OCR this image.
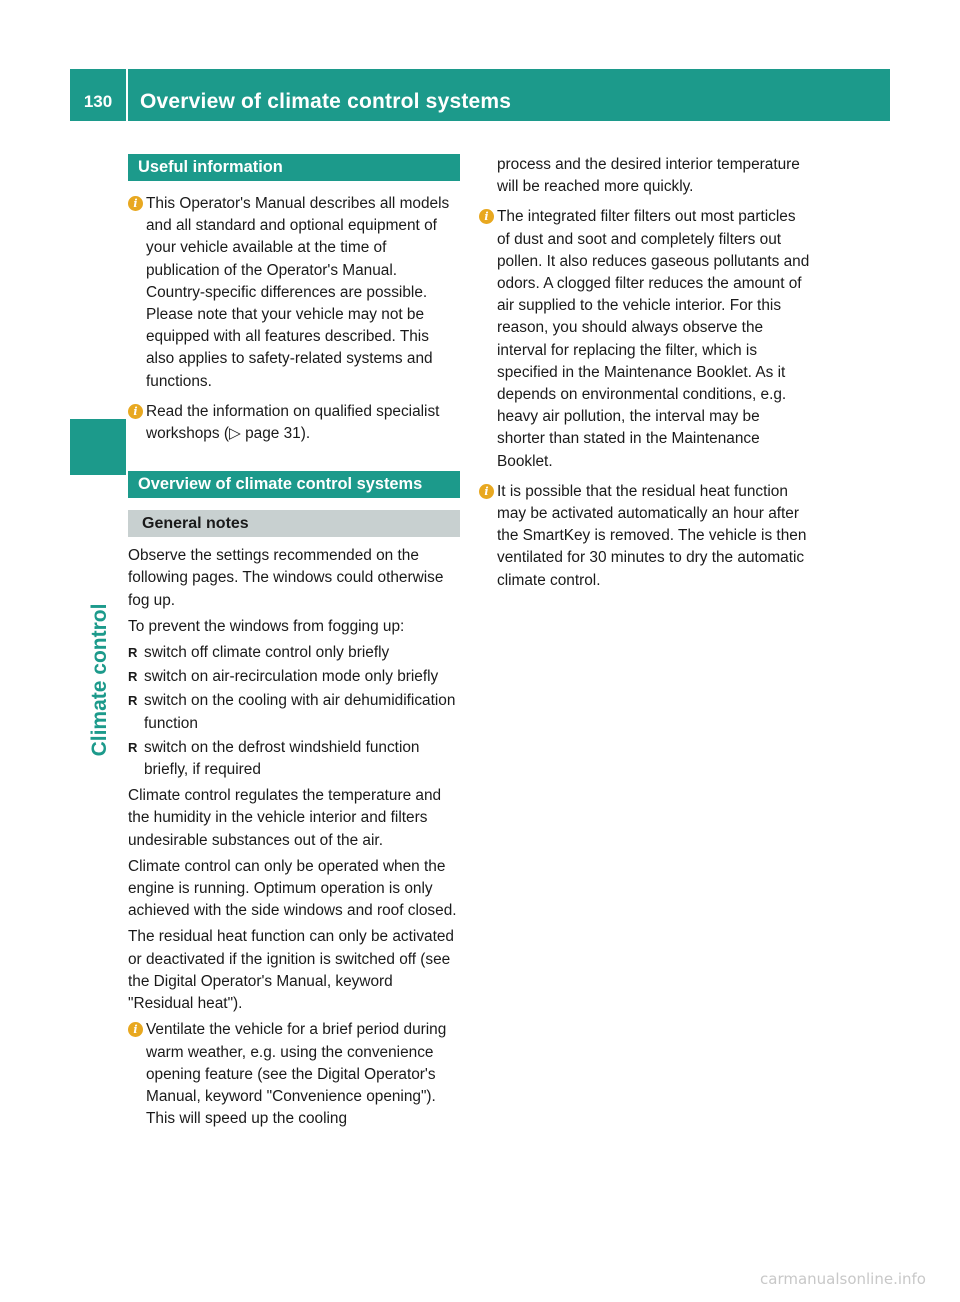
130	Overview of climate control systems
Climate control
Useful information
i This Operator's Manual describes all models and all standard and optional equipment of your vehicle available at the time of publication of the Operator's Manual. Country-specific differences are possible. Please note that your vehicle may not be equipped with all features described. This also applies to safety-related systems and functions.
i Read the information on qualified specialist workshops (▷ page 31).
Overview of climate control systems
General notes

Observe the settings recommended on the following pages. The windows could otherwise fog up.

To prevent the windows from fogging up:

R switch off climate control only briefly
R switch on air-recirculation mode only briefly
R switch on the cooling with air dehumidification function
R switch on the defrost windshield function briefly, if required

Climate control regulates the temperature and the humidity in the vehicle interior and filters undesirable substances out of the air.

Climate control can only be operated when the engine is running. Optimum operation is only achieved with the side windows and roof closed.

The residual heat function can only be activated or deactivated if the ignition is switched off (see the Digital Operator's Manual, keyword "Residual heat").

i Ventilate the vehicle for a brief period during warm weather, e.g. using the convenience opening feature (see the Digital Operator's Manual, keyword "Convenience opening"). This will speed up the cooling
process and the desired interior temperature will be reached more quickly.
i The integrated filter filters out most particles of dust and soot and completely filters out pollen. It also reduces gaseous pollutants and odors. A clogged filter reduces the amount of air supplied to the vehicle interior. For this reason, you should always observe the interval for replacing the filter, which is specified in the Maintenance Booklet. As it depends on environmental conditions, e.g. heavy air pollution, the interval may be shorter than stated in the Maintenance Booklet.
i It is possible that the residual heat function may be activated automatically an hour after the SmartKey is removed. The vehicle is then ventilated for 30 minutes to dry the automatic climate control.
carmanualsonline.info
